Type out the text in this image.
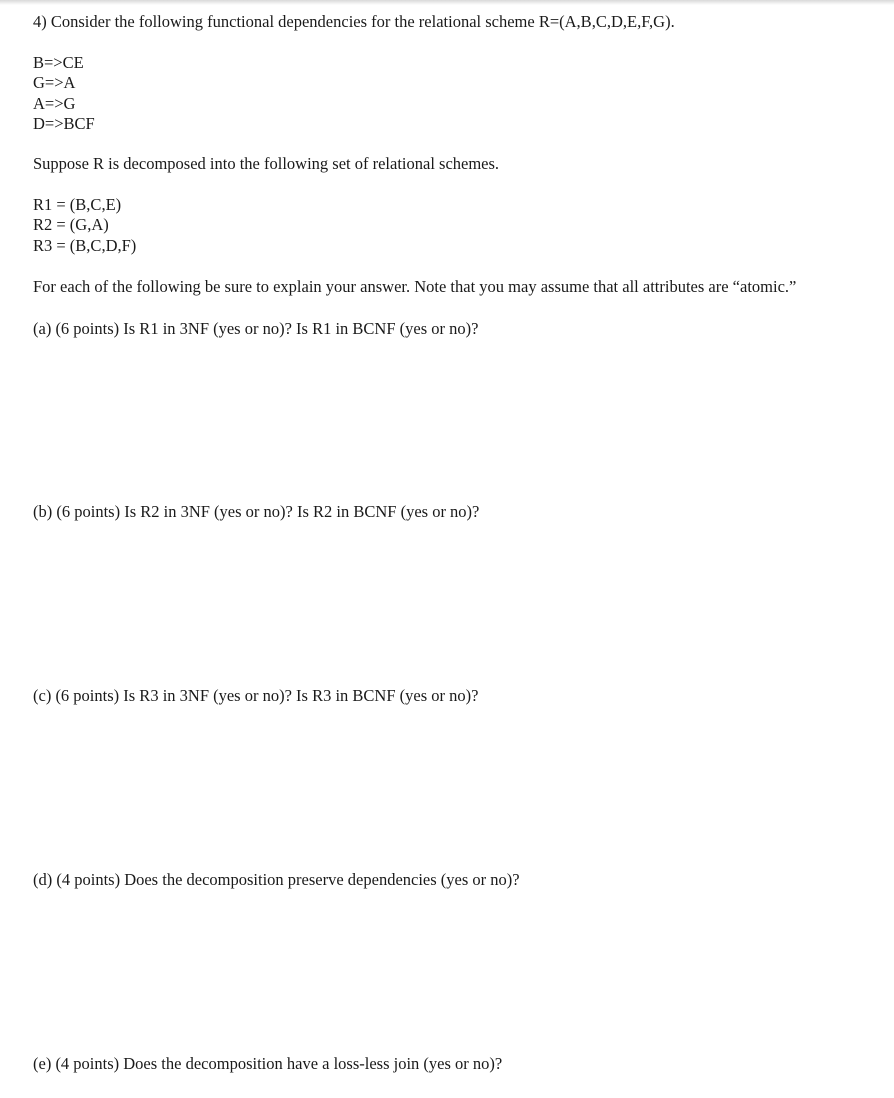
4) Consider the following functional dependencies for the relational scheme R=(A,B,C,D,E,F,G).
B=>CE
G=>A
A=>G
D=>BCF
Suppose R is decomposed into the following set of relational schemes.
R1 = (B,C,E)
R2 = (G,A)
R3 = (B,C,D,F)
For each of the following be sure to explain your answer. Note that you may assume that all attributes are “atomic.”
(a) (6 points) Is R1 in 3NF (yes or no)? Is R1 in BCNF (yes or no)?
(b) (6 points) Is R2 in 3NF (yes or no)? Is R2 in BCNF (yes or no)?
(c) (6 points) Is R3 in 3NF (yes or no)? Is R3 in BCNF (yes or no)?
(d) (4 points) Does the decomposition preserve dependencies (yes or no)?
(e) (4 points) Does the decomposition have a loss-less join (yes or no)?
